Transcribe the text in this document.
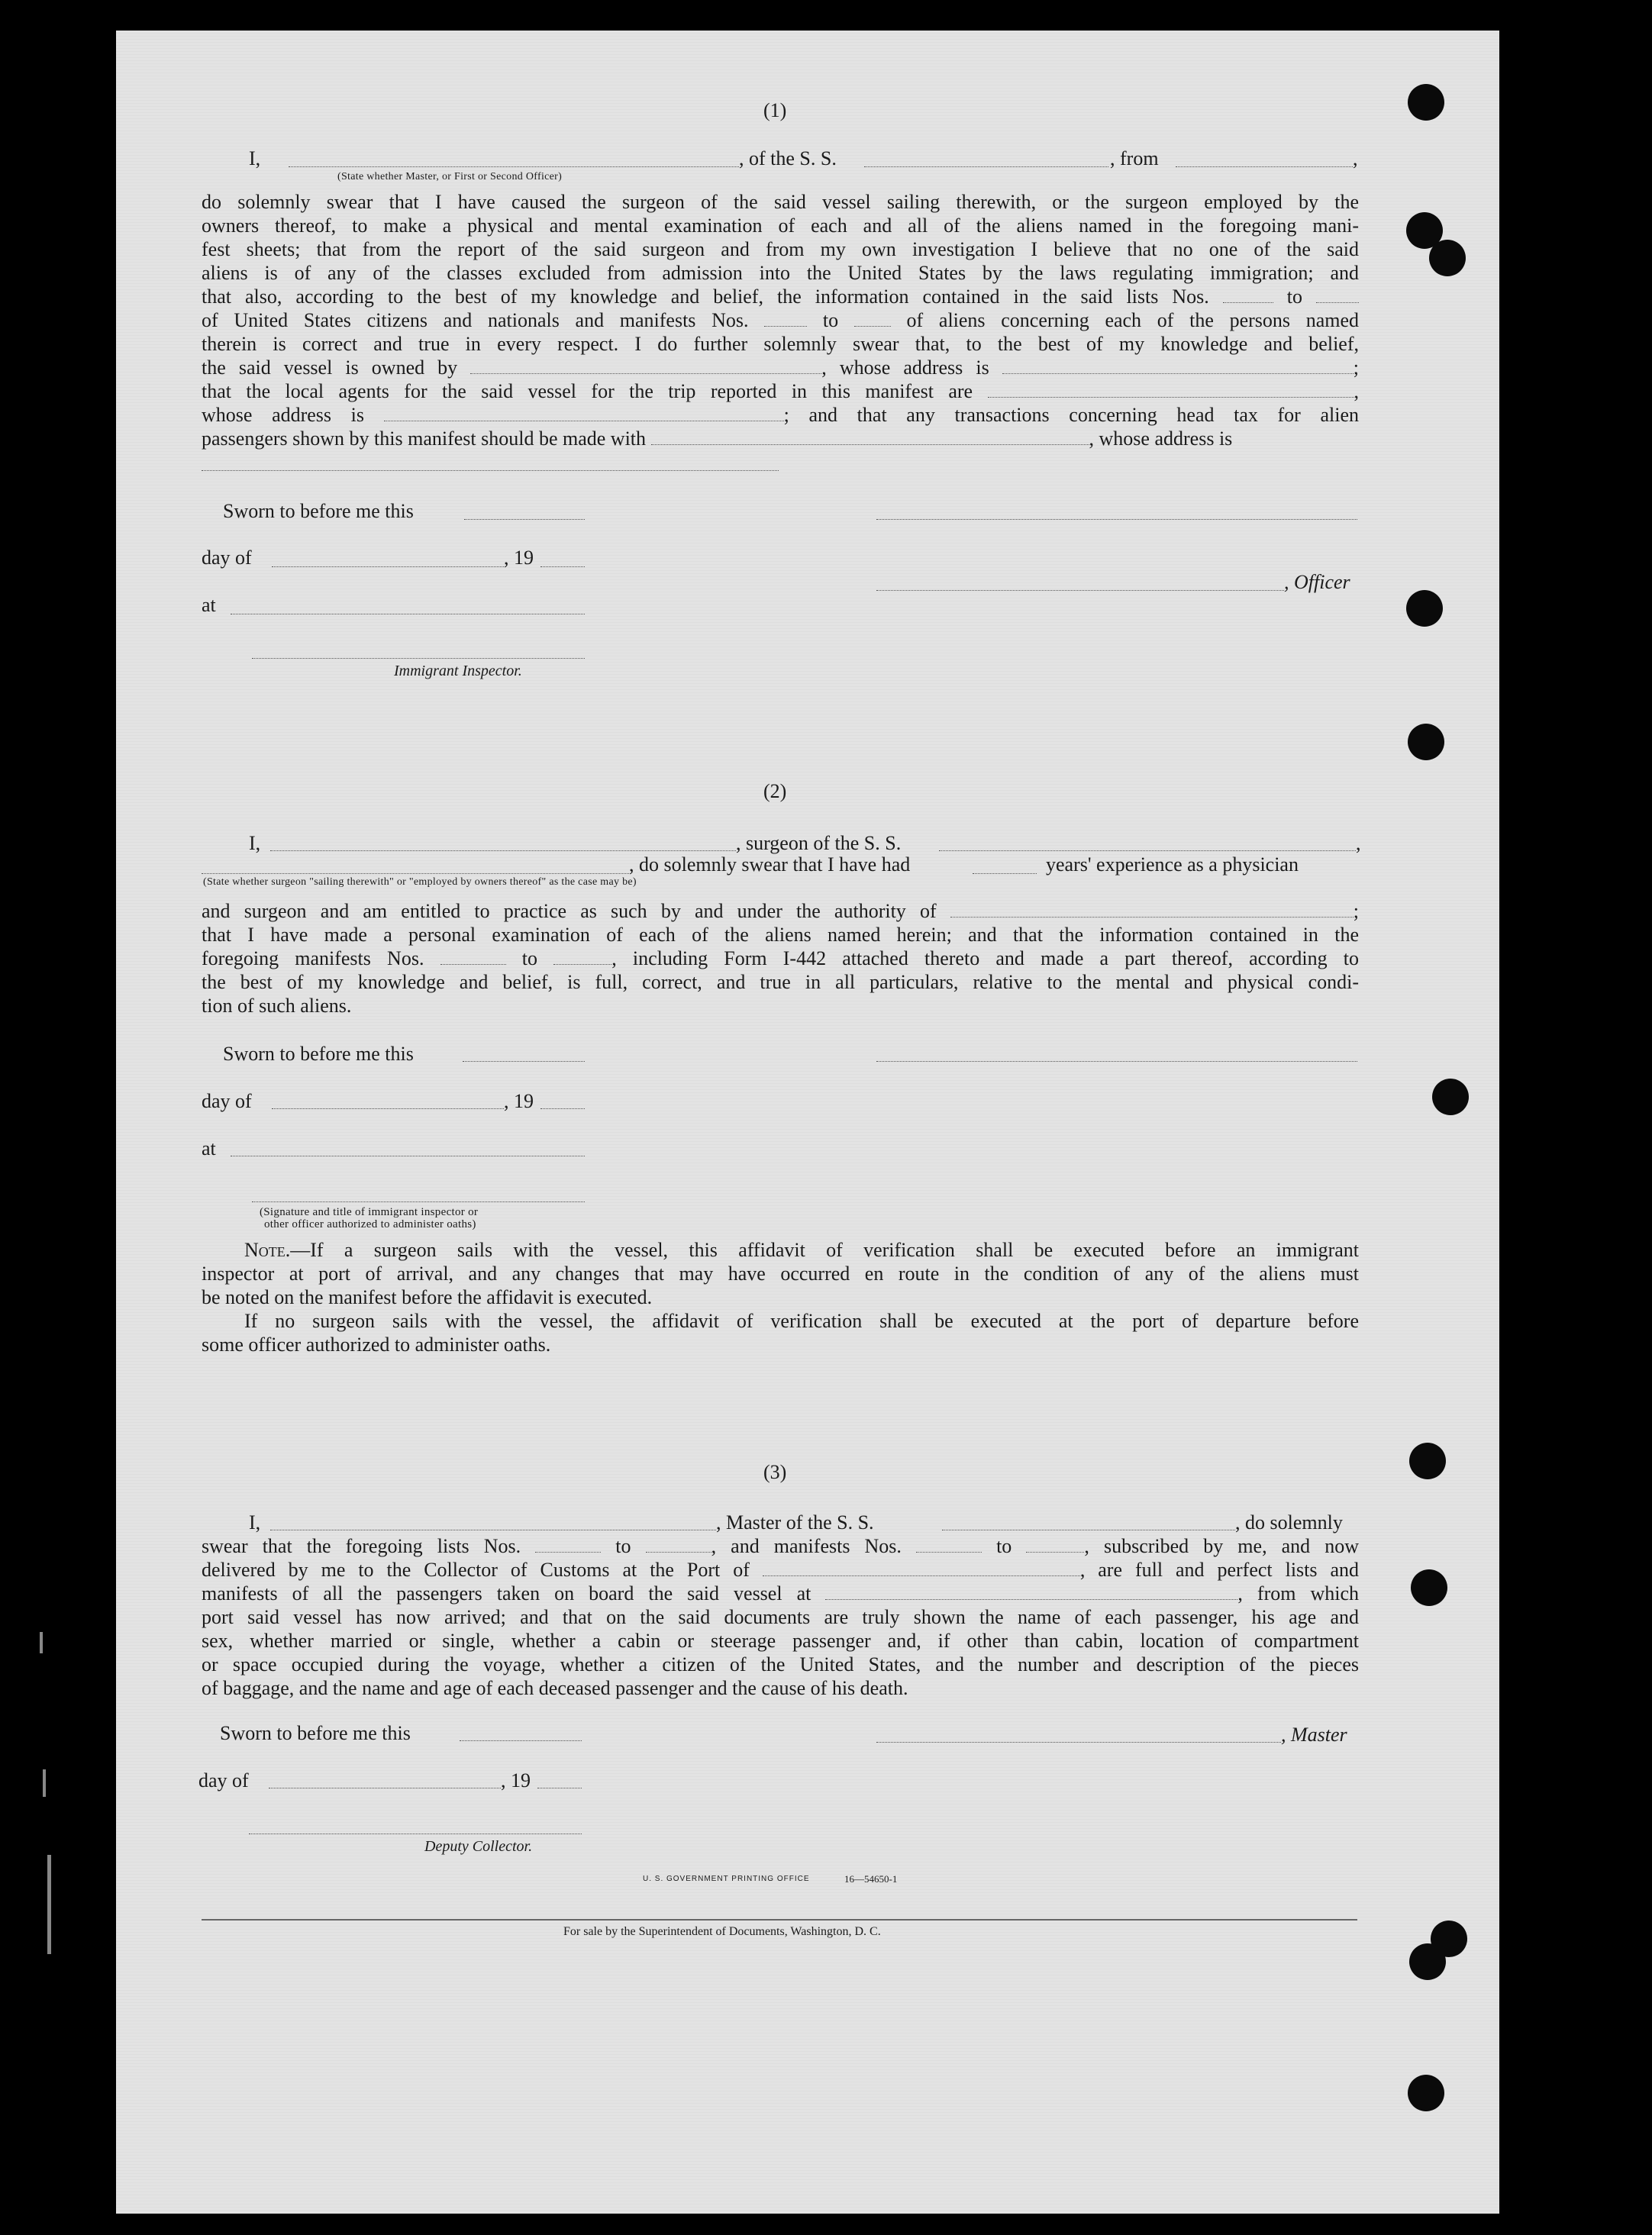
(1)
I,
(State whether Master, or First or Second Officer)
, of the S. S.	, from	,
do solemnly swear that I have caused the surgeon of the said vessel sailing therewith, or the surgeon employed by the
owners thereof, to make a physical and mental examination of each and all of the aliens named in the foregoing mani-
fest sheets; that from the report of the said surgeon and from my own investigation I believe that no one of the said
aliens is of any of the classes excluded from admission into the United States by the laws regulating immigration; and
that also, according to the best of my knowledge and belief, the information contained in the said lists Nos.	to
of United States citizens and nationals and manifests Nos.	to	of aliens concerning each of the persons named
therein is correct and true in every respect. I do further solemnly swear that, to the best of my knowledge and belief,
the said vessel is owned by	, whose address is	;
that the local agents for the said vessel for the trip reported in this manifest are	,
whose address is	; and that any transactions concerning head tax for alien
passengers shown by this manifest should be made with	, whose address is
Sworn to before me this
day of	, 19
, Officer
at
Immigrant Inspector.
(2)
I,	, surgeon of the S. S.	,
, do solemnly swear that I have had	years' experience as a physician
(State whether surgeon "sailing therewith" or "employed by owners thereof" as the case may be)
and surgeon and am entitled to practice as such by and under the authority of	;
that I have made a personal examination of each of the aliens named herein; and that the information contained in the
foregoing manifests Nos.	to	, including Form I-442 attached thereto and made a part thereof, according to
the best of my knowledge and belief, is full, correct, and true in all particulars, relative to the mental and physical condi-
tion of such aliens.
Sworn to before me this
day of	, 19
at
(Signature and title of immigrant inspector or
other officer authorized to administer oaths)
Note.—If a surgeon sails with the vessel, this affidavit of verification shall be executed before an immigrant
inspector at port of arrival, and any changes that may have occurred en route in the condition of any of the aliens must
be noted on the manifest before the affidavit is executed.
If no surgeon sails with the vessel, the affidavit of verification shall be executed at the port of departure before
some officer authorized to administer oaths.
(3)
I,	, Master of the S. S.	, do solemnly
swear that the foregoing lists Nos.	to	, and manifests Nos.	to	, subscribed by me, and now
delivered by me to the Collector of Customs at the Port of	, are full and perfect lists and
manifests of all the passengers taken on board the said vessel at	, from which
port said vessel has now arrived; and that on the said documents are truly shown the name of each passenger, his age and
sex, whether married or single, whether a cabin or steerage passenger and, if other than cabin, location of compartment
or space occupied during the voyage, whether a citizen of the United States, and the number and description of the pieces
of baggage, and the name and age of each deceased passenger and the cause of his death.
Sworn to before me this	, Master
day of	, 19
Deputy Collector.
U. S. GOVERNMENT PRINTING OFFICE	16—54650-1
For sale by the Superintendent of Documents, Washington, D. C.
